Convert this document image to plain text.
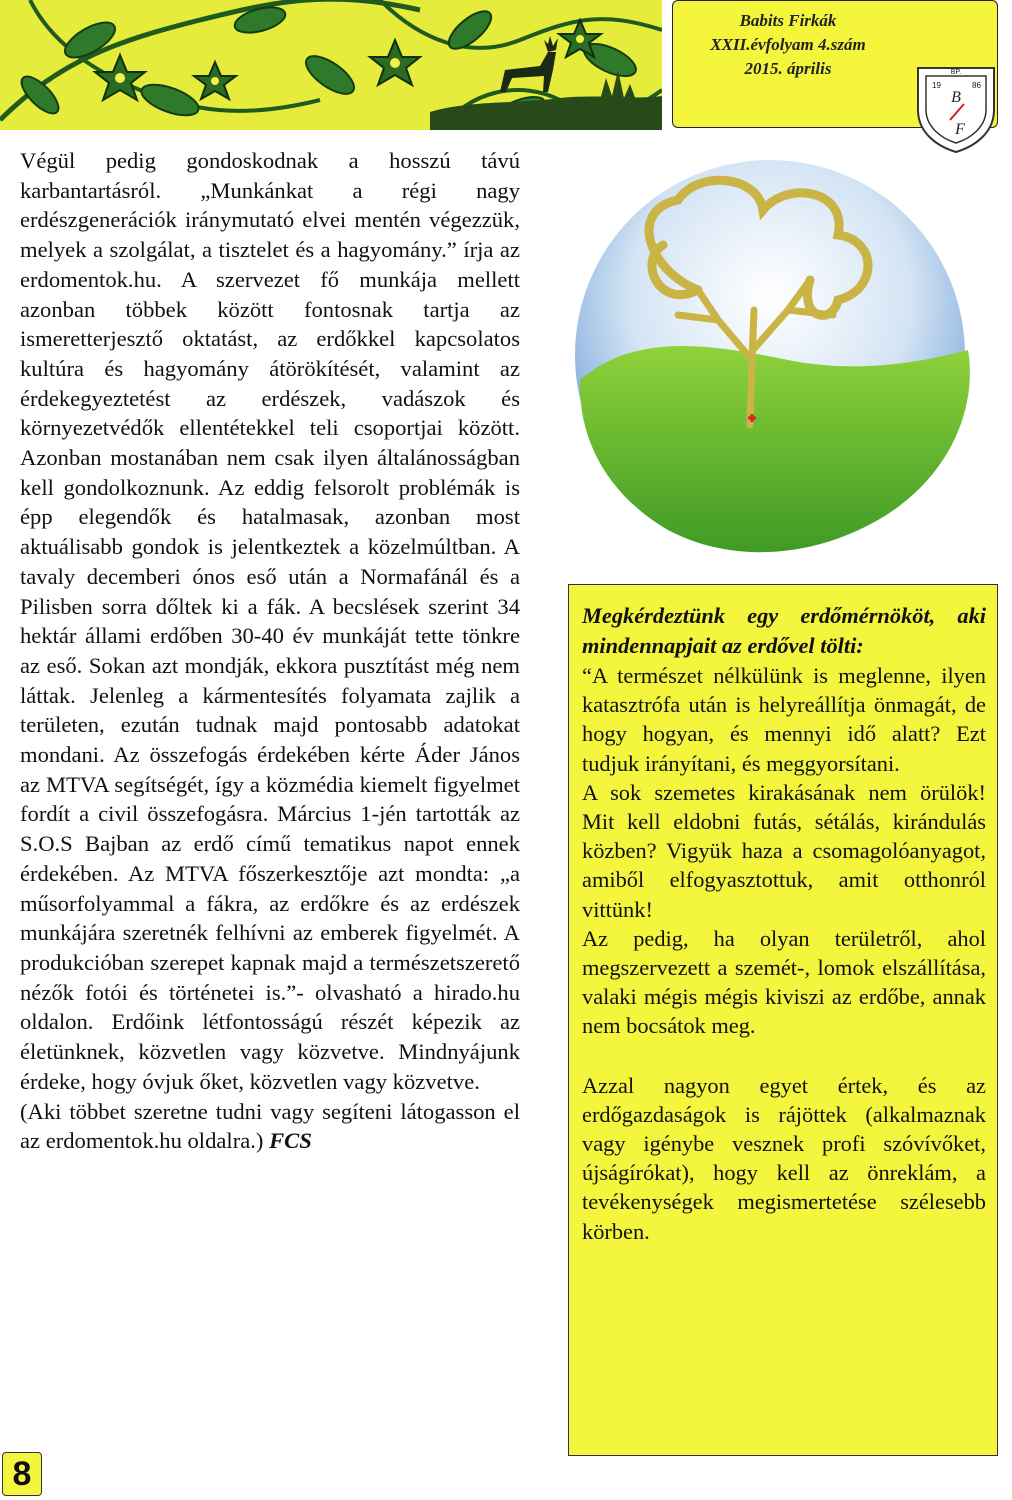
Babits Firkák
XXII.évfolyam 4.szám
2015. április	BP.
19	86
B
F

Végül pedig gondoskodnak a hosszú távú karbantartásról. „Munkánkat a régi nagy erdészgenerációk iránymutató elvei mentén végezzük, melyek a szolgálat, a tisztelet és a hagyomány.” írja az erdomentok.hu. A szervezet fő munkája mellett azonban többek között fontosnak tartja az ismeretterjesztő oktatást, az erdőkkel kapcsolatos kultúra és hagyomány átörökítését, valamint az érdekegyeztetést az erdészek, vadászok és környezetvédők ellentétekkel teli csoportjai között. Azonban mostanában nem csak ilyen általánosságban kell gondolkoznunk. Az eddig felsorolt problémák is épp elegendők és hatalmasak, azonban most aktuálisabb gondok is jelentkeztek a közelmúltban. A tavaly decemberi ónos eső után a Normafánál és a Pilisben sorra dőltek ki a fák. A becslések szerint 34 hektár állami erdőben 30-40 év munkáját tette tönkre az eső. Sokan azt mondják, ekkora pusztítást még nem láttak. Jelenleg a kármentesítés folyamata zajlik a területen, ezután tudnak majd pontosabb adatokat mondani. Az összefogás érdekében kérte Áder János az MTVA segítségét, így a közmédia kiemelt figyelmet fordít a civil összefogásra. Március 1-jén tartották az S.O.S Bajban az erdő című tematikus napot ennek érdekében. Az MTVA főszerkesztője azt mondta: „a műsorfolyammal a fákra, az erdőkre és az erdészek munkájára szeretnék felhívni az emberek figyelmét. A produkcióban szerepet kapnak majd a természetszerető nézők fotói és történetei is.”- olvasható a hirado.hu oldalon. Erdőink létfontosságú részét képezik az életünknek, közvetlen vagy közvetve. Mindnyájunk érdeke, hogy óvjuk őket, közvetlen vagy közvetve.

(Aki többet szeretne tudni vagy segíteni látogasson el az erdomentok.hu oldalra.) FCS

Megkérdeztünk egy erdőmérnököt, aki mindennapjait az erdővel tölti:

“A természet nélkülünk is meglenne, ilyen katasztrófa után is helyreállítja önmagát, de hogy hogyan, és mennyi idő alatt? Ezt tudjuk irányítani, és meggyorsítani.

A sok szemetes kirakásának nem örülök! Mit kell eldobni futás, sétálás, kirándulás közben? Vigyük haza a csomagolóanyagot, amiből elfogyasztottuk, amit otthonról vittünk!

Az pedig, ha olyan területről, ahol megszervezett a szemét-, lomok elszállítása, valaki mégis mégis kiviszi az erdőbe, annak nem bocsátok meg.

Azzal nagyon egyet értek, és az erdőgazdaságok is rájöttek (alkalmaznak vagy igénybe vesznek profi szóvívőket, újságírókat), hogy kell az önreklám, a tevékenységek megismertetése szélesebb körben.

8
